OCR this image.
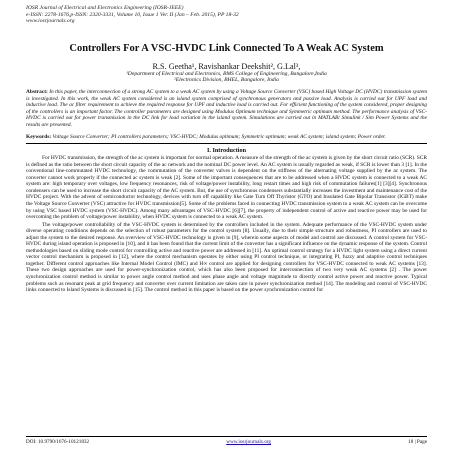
IOSR Journal of Electrical and Electronics Engineering (IOSR-JEEE)
e-ISSN: 2278-1676,p-ISSN: 2320-3331, Volume 10, Issue 1 Ver. II (Jan – Feb. 2015), PP 18-32
www.iosrjournals.org
Controllers For A VSC-HVDC Link Connected To A Weak AC System
R.S. Geetha¹, Ravishankar Deekshit², G.Lal³,
¹Department of Electrical and Electronics, BMS College of Engineering, Bangalore,India
²Electronics Division, BHEL, Bangalore, India
Abstract: In this paper, the interconnection of a strong AC system to a weak AC system by using a Voltage Source Converter (VSC) based High Voltage DC (HVDC) transmission system is investigated. In this work, the weak AC system considered is an island system comprised of synchronous generators and passive load. Analysis is carried out for UPF load and inductive load. The ac filter requirement to achieve the required response for UPF and inductive load is carried out. For efficient functioning of the system considered, proper designing of the controllers is an important factor. The controller parameters are designed using Modulus Optimum technique and Symmetric optimum method. The performance analysis of VSC-HVDC is carried out for power transmission in the DC link for load variation in the island system. Simulations are carried out in MATLAB/ Simulink / Sim Power Systems and the results are presented.
Keywords: Voltage Source Converter; PI controllers parameters; VSC-HVDC; Modulus optimum; Symmetric optimum; weak AC system; island system; Power order.
I. Introduction
For HVDC transmission, the strength of the ac system is important for normal operation. A measure of the strength of the ac system is given by the short circuit ratio (SCR). SCR is defined as the ratio between the short circuit capacity of the ac network and the nominal DC power level. An AC system is usually regarded as weak, if SCR is lower than 3 [1]. In the conventional line-commutated HVDC technology, the commutation of the converter valves is dependent on the stiffness of the alternating voltage supplied by the ac system. The converter cannot work properly if the connected ac system is weak [2]. Some of the important consequences that are to be addressed when a HVDC system is connected to a weak AC system are: high temporary over voltages, low frequency resonances, risk of voltage/power instability, long restart times and high risk of commutation failures[1] [3][4]. Synchronous condensers can be used to increase the short circuit capacity of the AC system. But, the use of synchronous condensers substantially increases the investment and maintenance cost of the HVDC project. With the advent of semiconductor technology, devices with turn off capability like Gate Turn Off Thyristor (GTO) and Insulated Gate Bipolar Transistor (IGBT) make the Voltage Source Converter (VSC) attractive for HVDC transmission[5]. Some of the problems faced in connecting HVDC transmission system to a weak AC system can be overcome by using VSC based HVDC system (VSC-HVDC). Among many advantages of VSC-HVDC [6][7], the property of independent control of active and reactive power may be used for overcoming the problem of voltage/power instability, when HVDC system is connected to a weak AC system.
The voltage/power controllability of the VSC-HVDC system is determined by the controllers included in the system. Adequate performance of the VSC-HVDC system under diverse operating conditions depends on the selection of robust parameters for the control system [8]. Usually, due to their simple structure and robustness, PI controllers are used to adjust the system to the desired response. An overview of VSC-HVDC technology is given in [9], wherein some aspects of model and control are discussed. A control system for VSC-HVDC during island operation is proposed in [10], and it has been found that the current limit of the converter has a significant influence on the dynamic response of the system. Control methodologies based on sliding mode control for controlling active and reactive power are addressed in [11]. An optimal control strategy for a HVDC light system using a direct current vector control mechanism is proposed in [12], where the control mechanism operates by either using PI control technique, or integrating PI, fuzzy and adaptive control techniques together. Different control approaches like Internal Model Control (IMC) and H∞ control are applied for designing controllers for VSC-HVDC connected to weak AC systems [13]. These two design approaches are used for power-synchronization control, which has also been proposed for interconnection of two very weak AC systems [2] . The power synchronization control method is similar to power angle control method and uses phase angle and voltage magnitude to directly control active power and reactive power. Typical problems such as resonant peak at grid frequency and converter over current limitation are taken care in power synchronization method [14]. The modeling and control of VSC-HVDC links connected to Island Systems is discussed in [15]. The control method in this paper is based on the power synchronization control for
DOI: 10.9790/1676-10121832	www.iosrjournals.org	18 | Page
